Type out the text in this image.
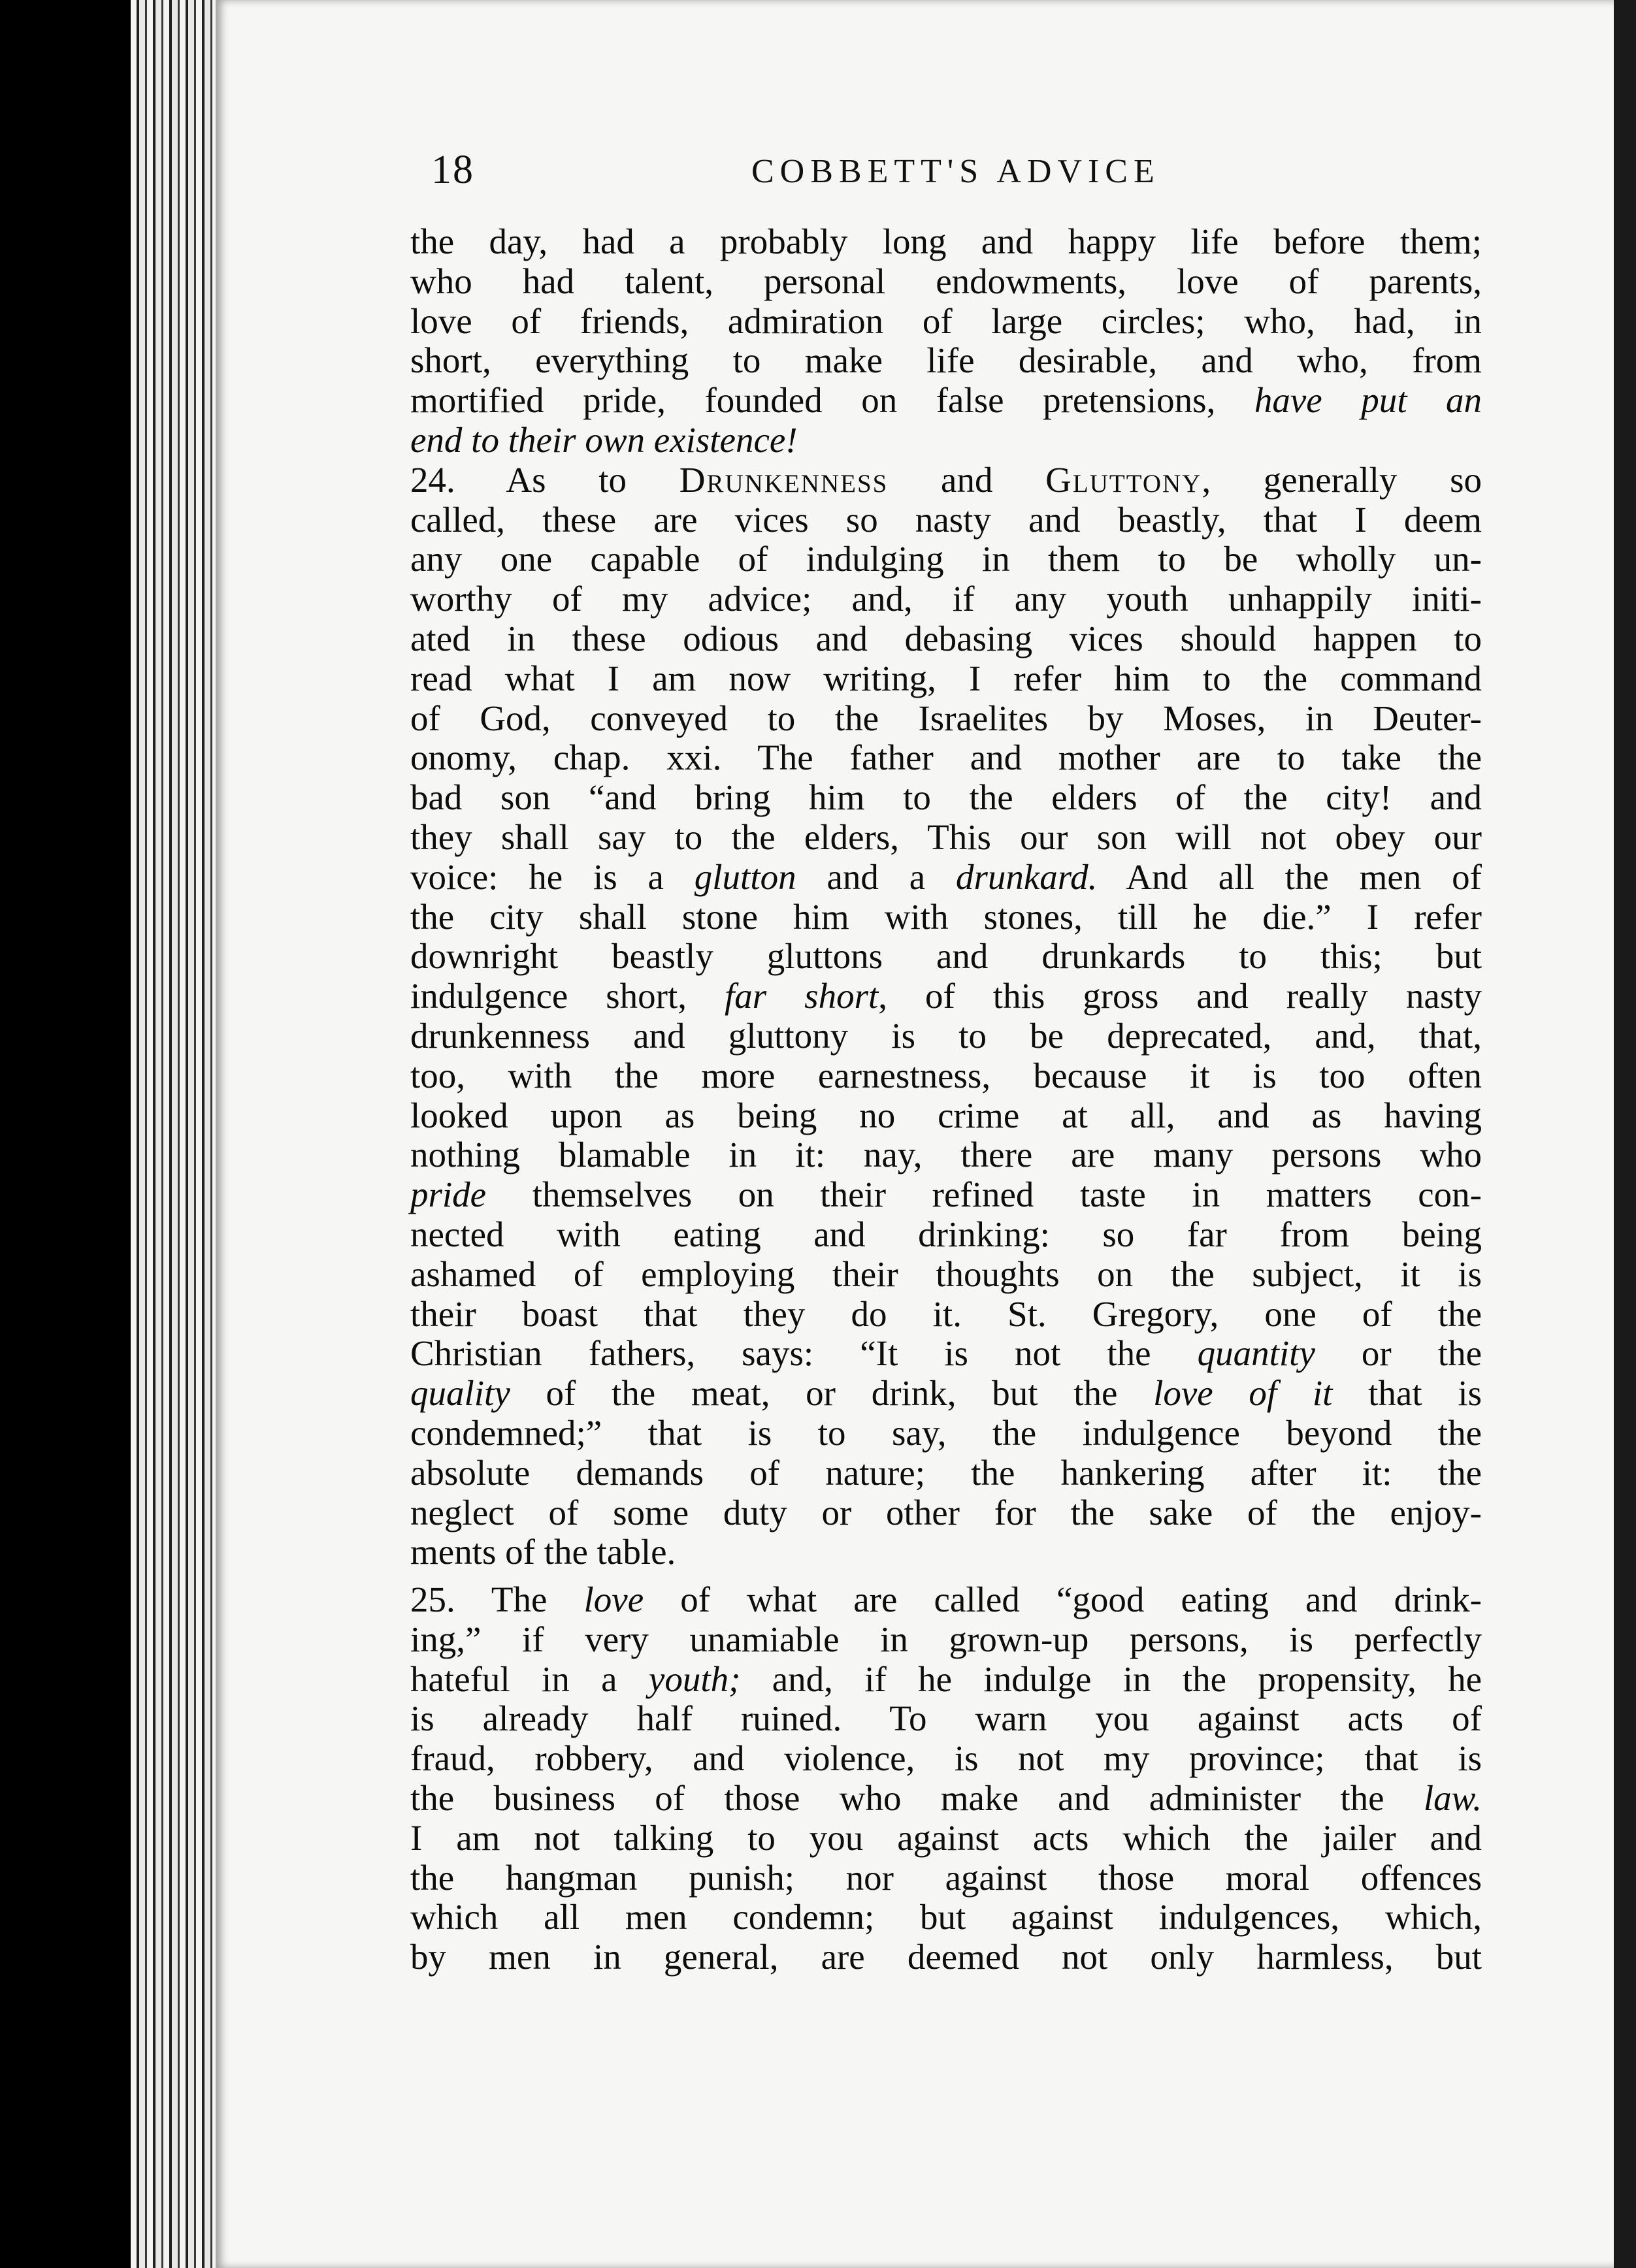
18	COBBETT'S ADVICE
the day, had a probably long and happy life before them;
who had talent, personal endowments, love of parents,
love of friends, admiration of large circles; who, had, in
short, everything to make life desirable, and who, from
mortified pride, founded on false pretensions, have put an
end to their own existence!
24. As to Drunkenness and Gluttony, generally so
called, these are vices so nasty and beastly, that I deem
any one capable of indulging in them to be wholly un-
worthy of my advice; and, if any youth unhappily initi-
ated in these odious and debasing vices should happen to
read what I am now writing, I refer him to the command
of God, conveyed to the Israelites by Moses, in Deuter-
onomy, chap. xxi. The father and mother are to take the
bad son “and bring him to the elders of the city! and
they shall say to the elders, This our son will not obey our
voice: he is a glutton and a drunkard. And all the men of
the city shall stone him with stones, till he die.” I refer
downright beastly gluttons and drunkards to this; but
indulgence short, far short, of this gross and really nasty
drunkenness and gluttony is to be deprecated, and, that,
too, with the more earnestness, because it is too often
looked upon as being no crime at all, and as having
nothing blamable in it: nay, there are many persons who
pride themselves on their refined taste in matters con-
nected with eating and drinking: so far from being
ashamed of employing their thoughts on the subject, it is
their boast that they do it. St. Gregory, one of the
Christian fathers, says: “It is not the quantity or the
quality of the meat, or drink, but the love of it that is
condemned;” that is to say, the indulgence beyond the
absolute demands of nature; the hankering after it: the
neglect of some duty or other for the sake of the enjoy-
ments of the table.
25. The love of what are called “good eating and drink-
ing,” if very unamiable in grown-up persons, is perfectly
hateful in a youth; and, if he indulge in the propensity, he
is already half ruined. To warn you against acts of
fraud, robbery, and violence, is not my province; that is
the business of those who make and administer the law.
I am not talking to you against acts which the jailer and
the hangman punish; nor against those moral offences
which all men condemn; but against indulgences, which,
by men in general, are deemed not only harmless, but
